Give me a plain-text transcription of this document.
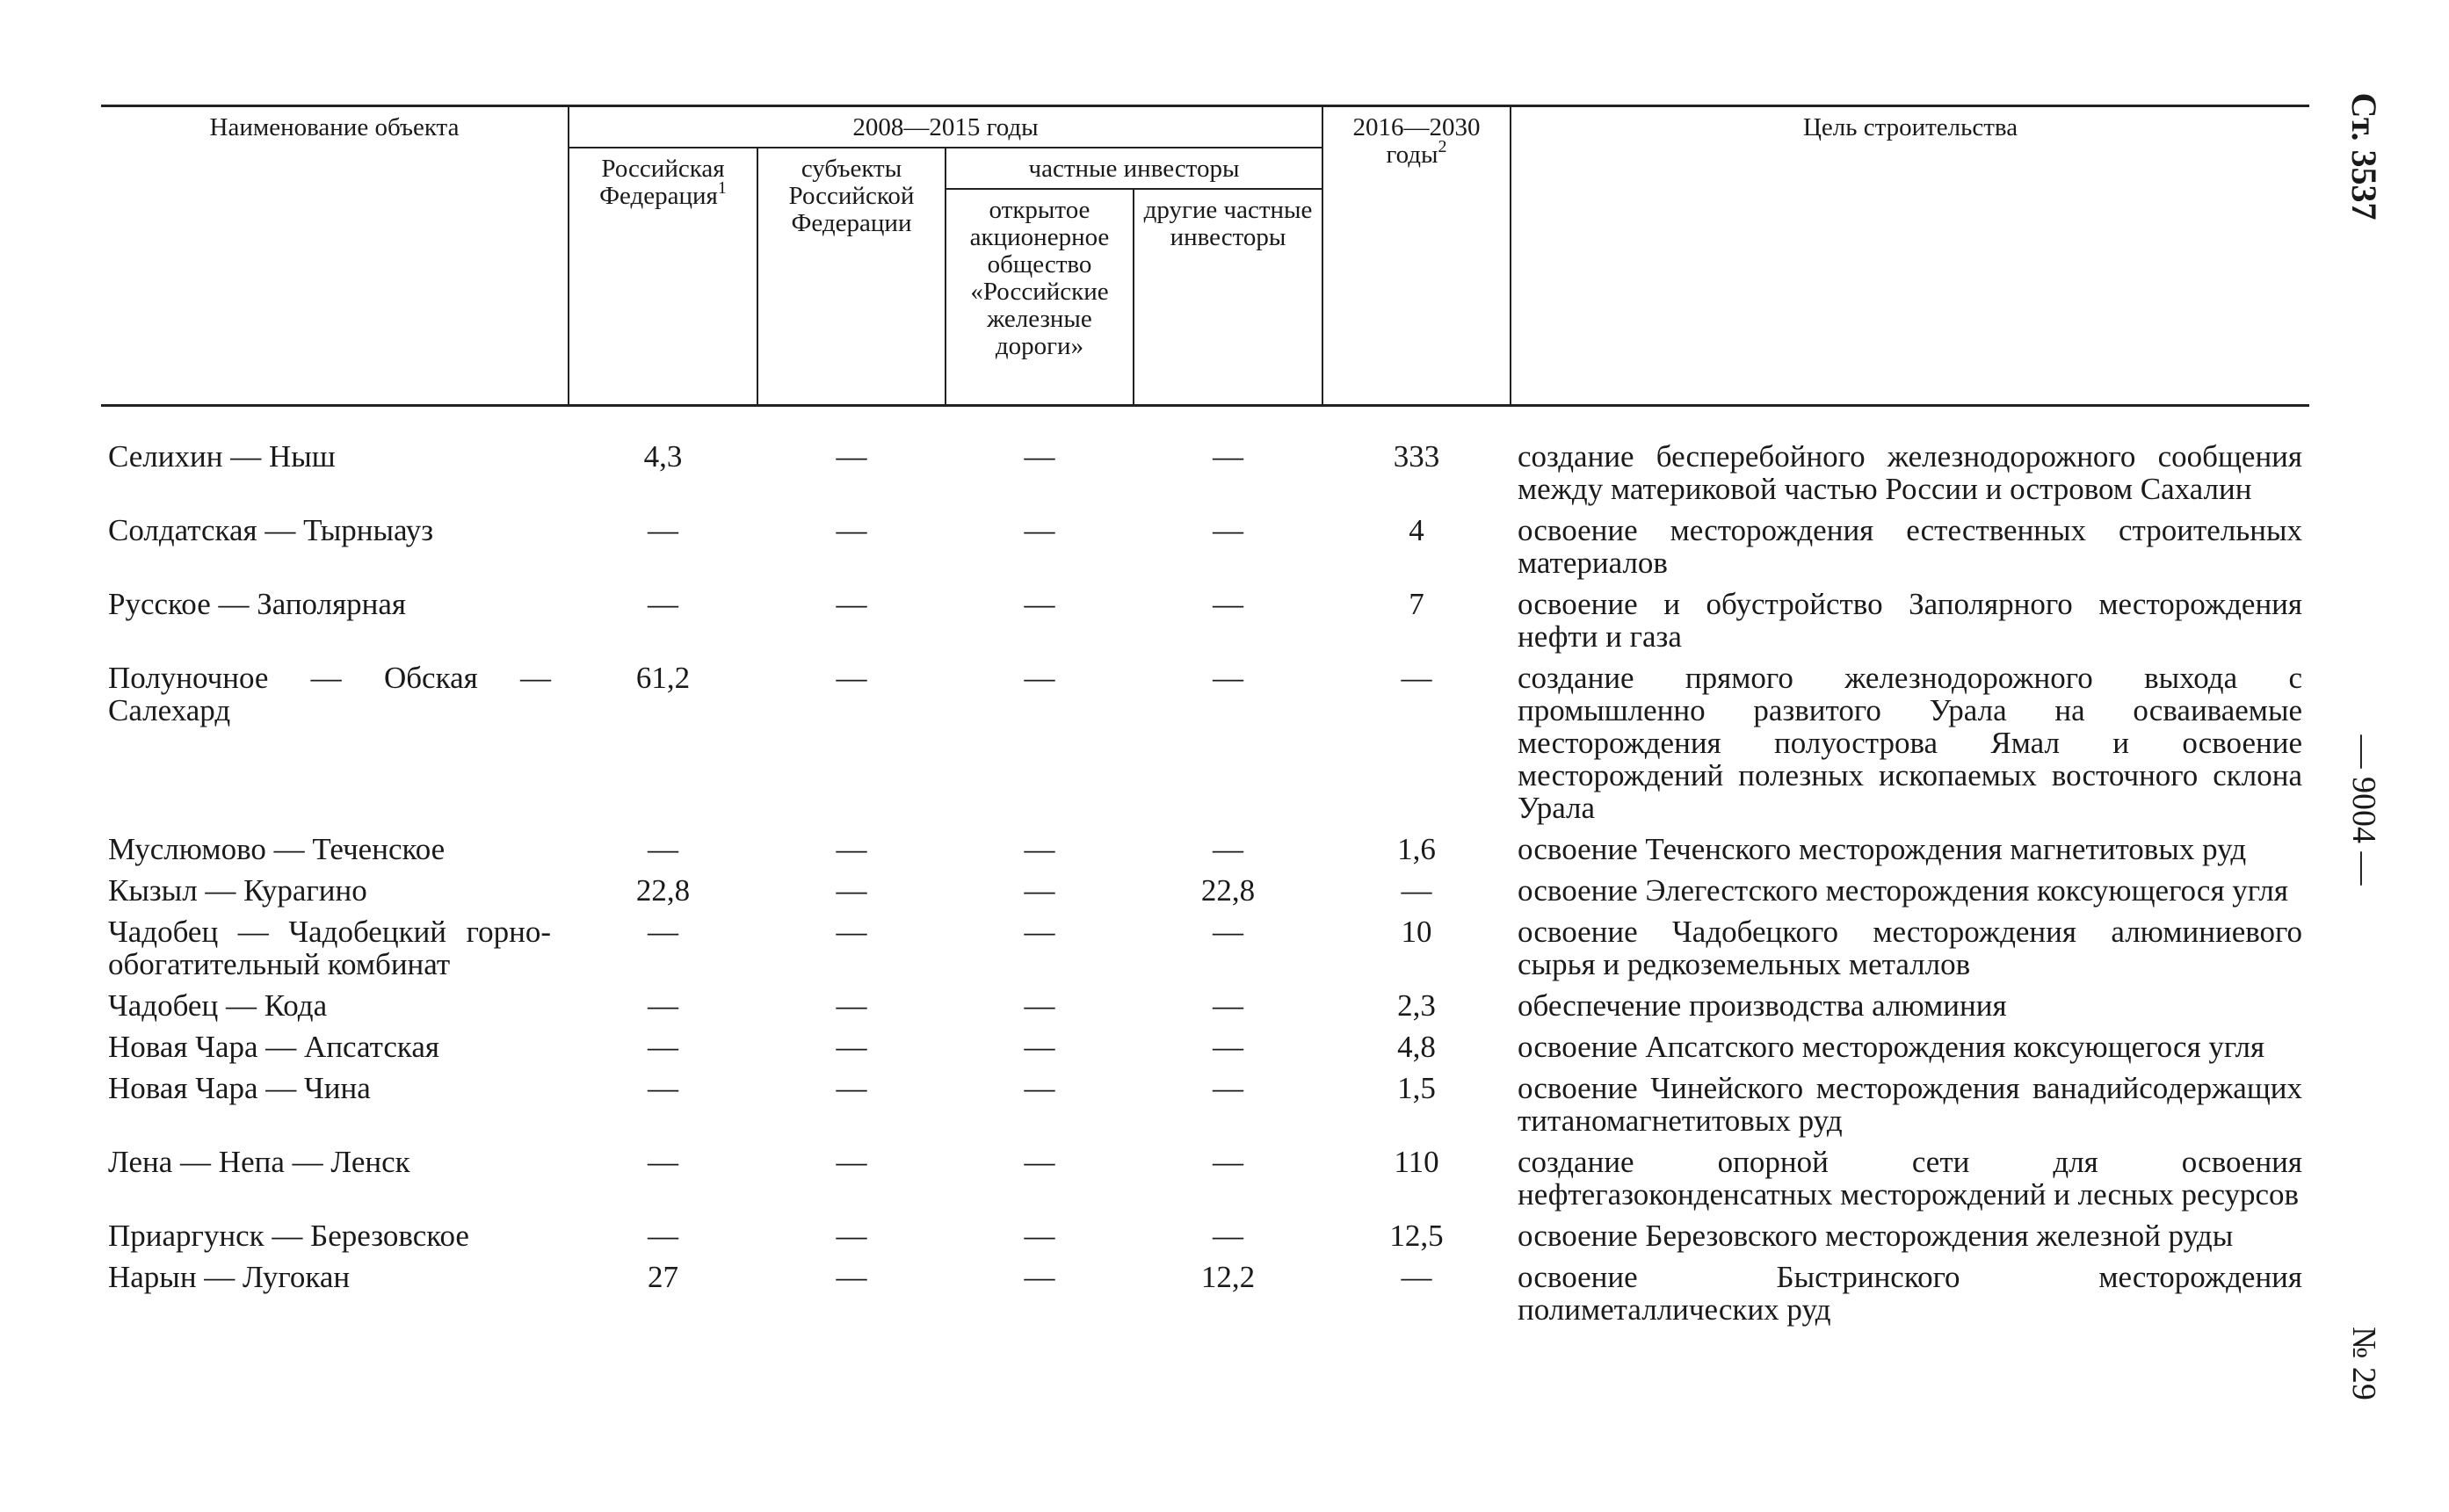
Наименование объекта	2008—2015 годы				2016—2030 годы$^2$	Цель строительства
	Российская Федерация$^1$	субъекты Российской Федерации	частные инвесторы			
			открытое акционерное общество «Российские железные дороги»	другие частные инвесторы		
Селихин — Ныш	4,3	—	—	—	333	создание бесперебойного железнодорожного сообщения между материковой частью России и островом Сахалин
Солдатская — Тырныауз	—	—	—	—	4	освоение месторождения естественных строительных материалов
Русское — Заполярная	—	—	—	—	7	освоение и обустройство Заполярного месторождения нефти и газа
Полуночное — Обская — Салехард	61,2	—	—	—	—	создание прямого железнодорожного выхода с промышленно развитого Урала на осваиваемые месторождения полуострова Ямал и освоение месторождений полезных ископаемых восточного склона Урала
Муслюмово — Теченское	—	—	—	—	1,6	освоение Теченского месторождения магнетитовых руд
Кызыл — Курагино	22,8	—	—	22,8	—	освоение Элегестского месторождения коксующегося угля
Чадобец — Чадобецкий горно-обогатительный комбинат	—	—	—	—	10	освоение Чадобецкого месторождения алюминиевого сырья и редкоземельных металлов
Чадобец — Кода	—	—	—	—	2,3	обеспечение производства алюминия
Новая Чара — Апсатская	—	—	—	—	4,8	освоение Апсатского месторождения коксующегося угля
Новая Чара — Чина	—	—	—	—	1,5	освоение Чинейского месторождения ванадийсодержащих титаномагнетитовых руд
Лена — Непа — Ленск	—	—	—	—	110	создание опорной сети для освоения нефтегазоконденсатных месторождений и лесных ресурсов
Приаргунск — Березовское	—	—	—	—	12,5	освоение Березовского месторождения железной руды
Нарын — Лугокан	27	—	—	12,2	—	освоение Быстринского месторождения полиметаллических руд
Ст. 3537
— 9004 —
№ 29
